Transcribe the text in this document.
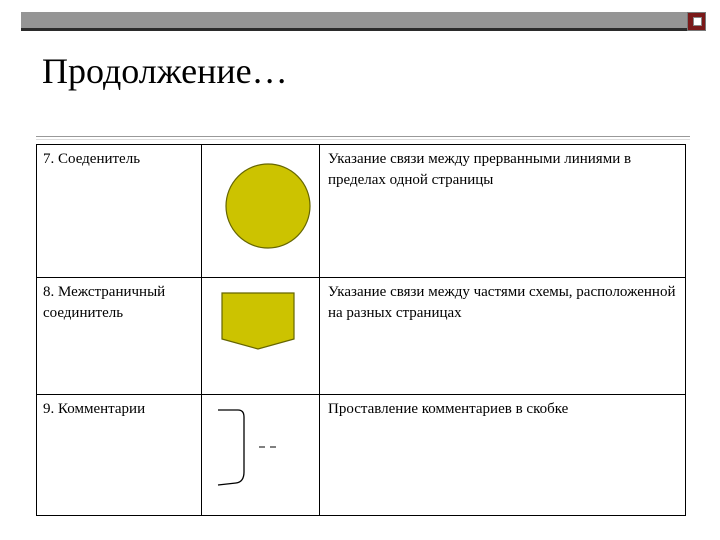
Продолжение…
7. Соеденитель		Указание связи между прерванными линиями в пределах одной страницы
8. Межстраничный соединитель		Указание связи между частями схемы, расположенной на разных страницах
9. Комментарии		Проставление комментариев в скобке
